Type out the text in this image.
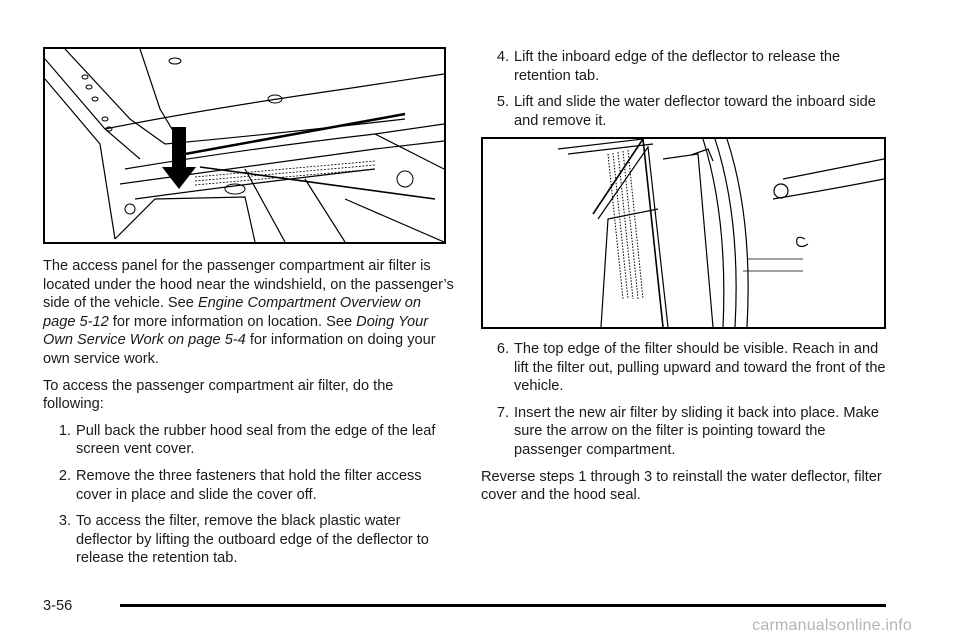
The access panel for the passenger compartment air filter is located under the hood near the windshield, on the passenger’s side of the vehicle. See Engine Compartment Overview on page 5-12 for more information on location. See Doing Your Own Service Work on page 5-4 for information on doing your own service work.

To access the passenger compartment air filter, do the following:

1. Pull back the rubber hood seal from the edge of the leaf screen vent cover.
2. Remove the three fasteners that hold the filter access cover in place and slide the cover off.
3. To access the filter, remove the black plastic water deflector by lifting the outboard edge of the deflector to release the retention tab.
4. Lift the inboard edge of the deflector to release the retention tab.
5. Lift and slide the water deflector toward the inboard side and remove it.
6. The top edge of the filter should be visible. Reach in and lift the filter out, pulling upward and toward the front of the vehicle.
7. Insert the new air filter by sliding it back into place. Make sure the arrow on the filter is pointing toward the passenger compartment.

Reverse steps 1 through 3 to reinstall the water deflector, filter cover and the hood seal.

3-56
carmanualsonline.info
